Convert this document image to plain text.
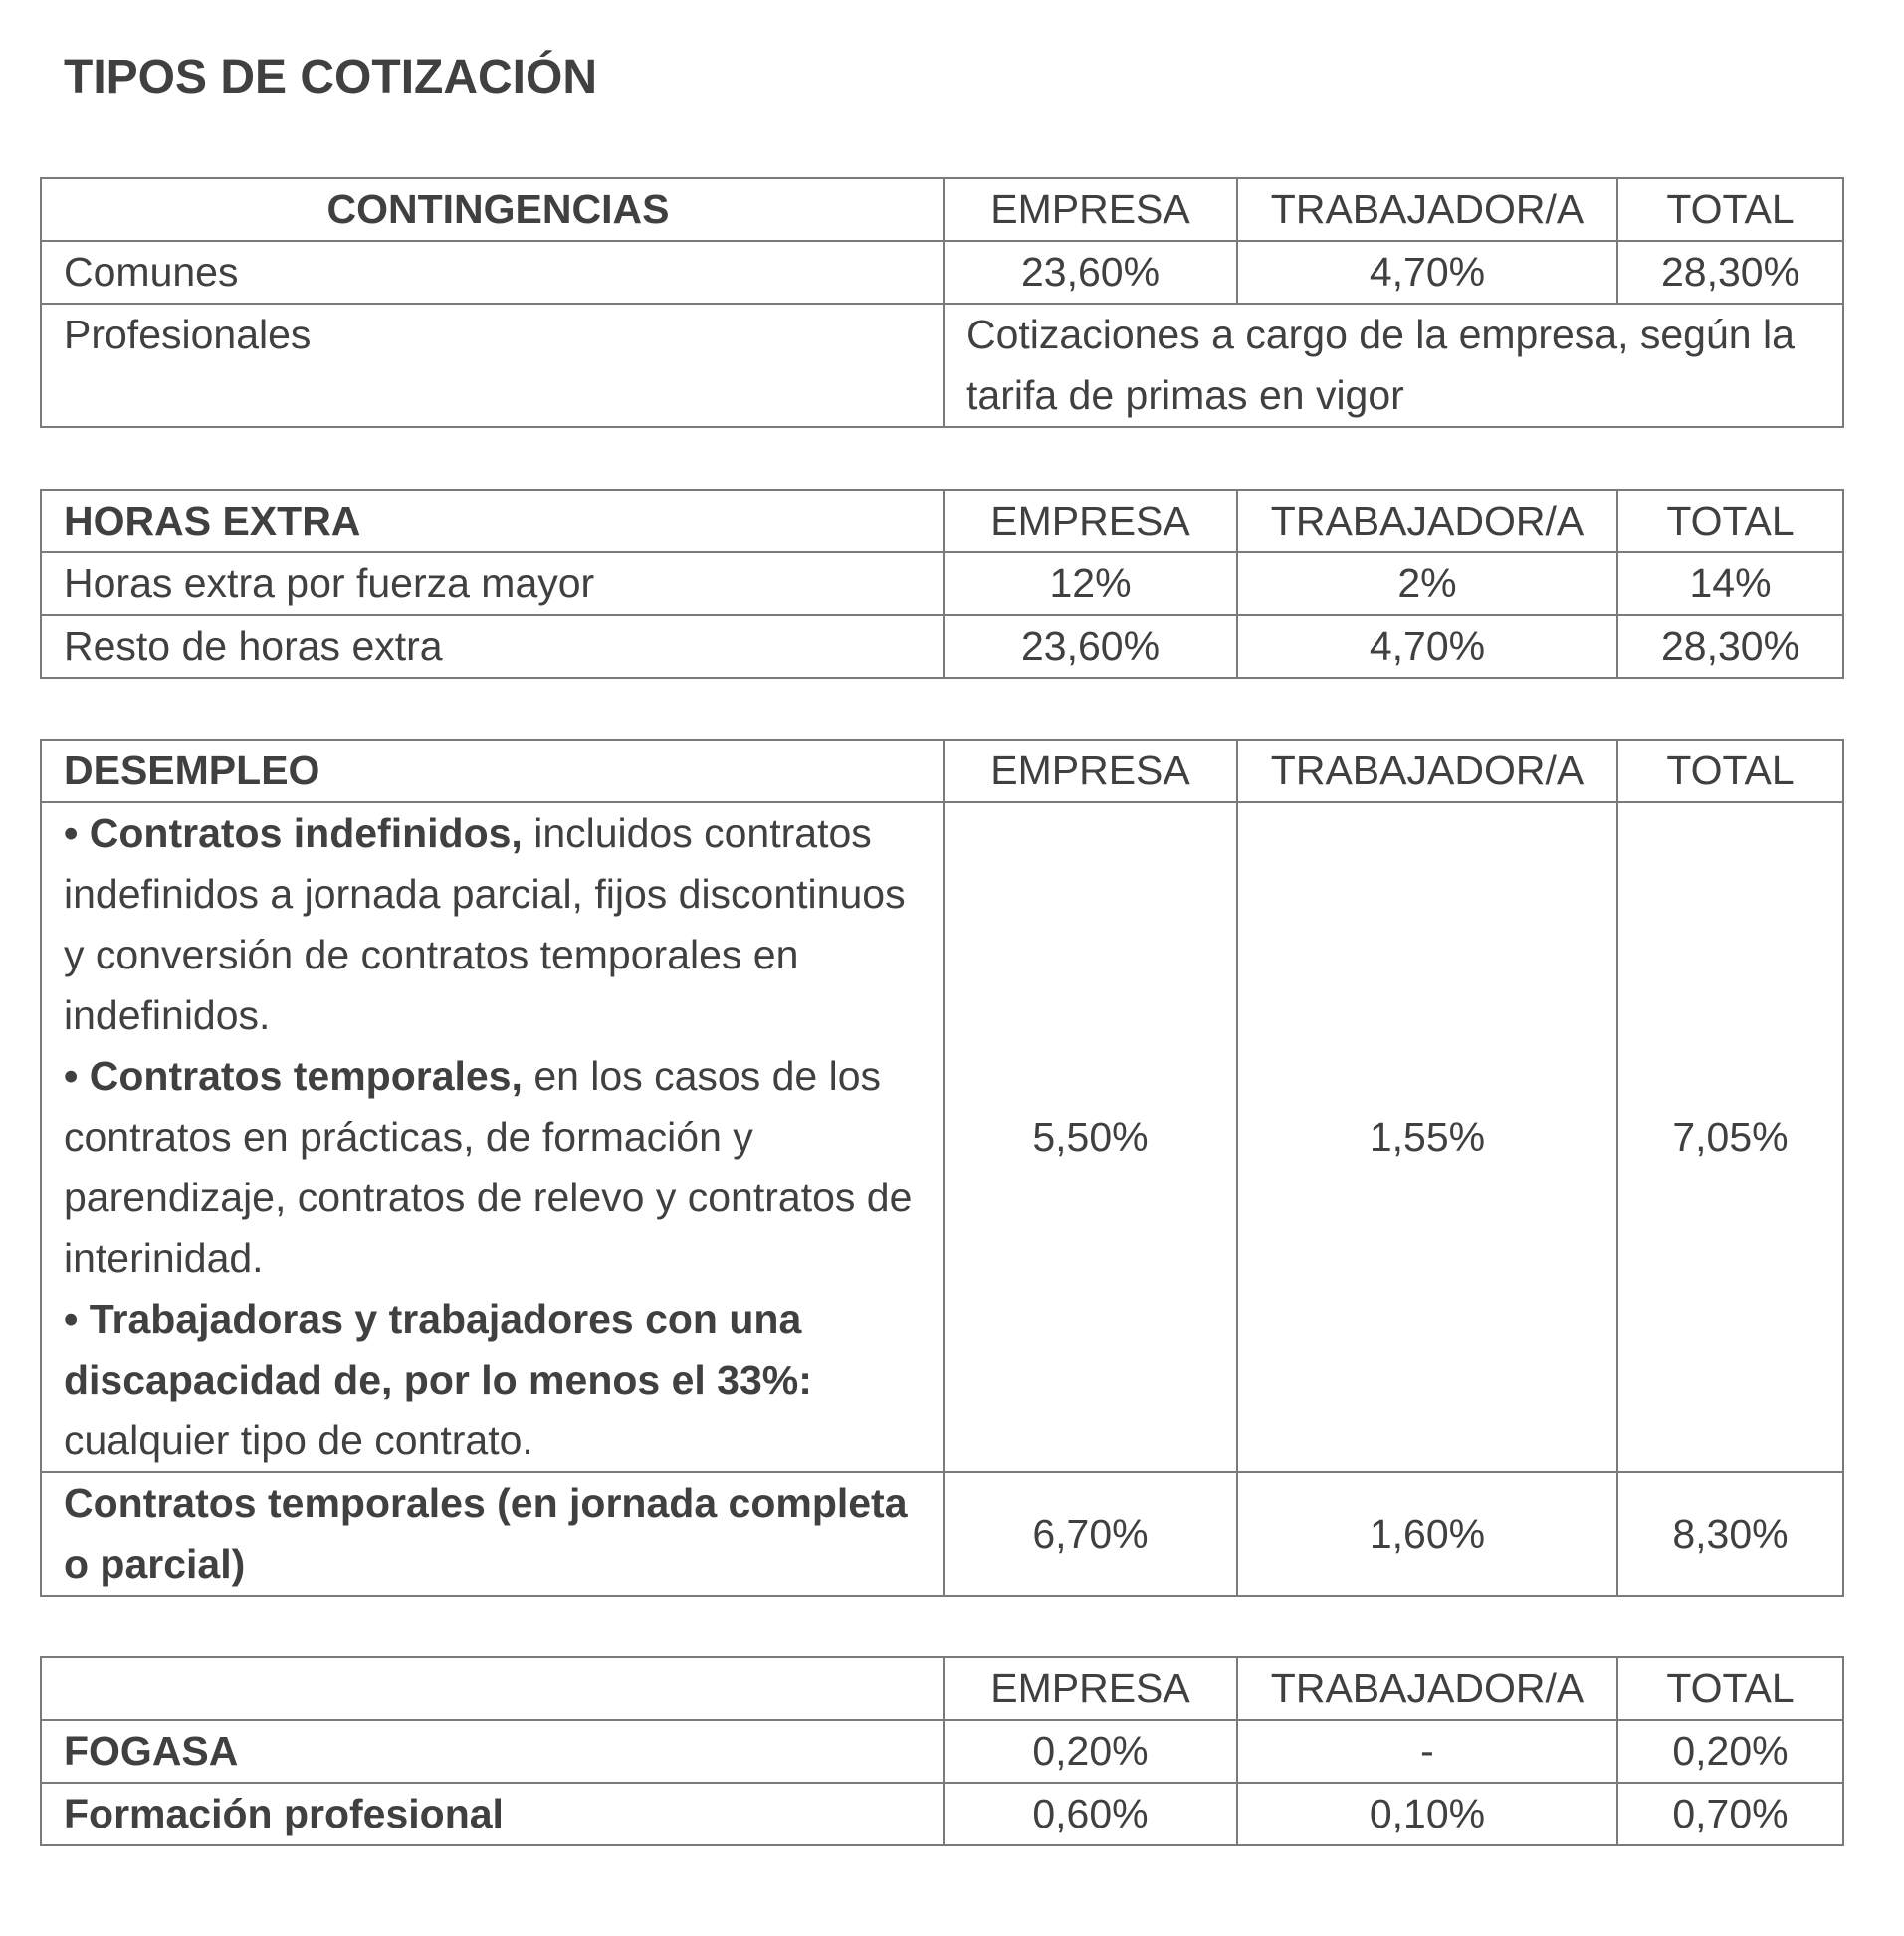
TIPOS DE COTIZACIÓN
CONTINGENCIAS	EMPRESA	TRABAJADOR/A	TOTAL
Comunes	23,60%	4,70%	28,30%
Profesionales	Cotizaciones a cargo de la empresa, según la tarifa de primas en vigor		
HORAS EXTRA	EMPRESA	TRABAJADOR/A	TOTAL
Horas extra por fuerza mayor	12%	2%	14%
Resto de horas extra	23,60%	4,70%	28,30%
DESEMPLEO	EMPRESA	TRABAJADOR/A	TOTAL

• Contratos indefinidos, incluidos contratos indefinidos a jornada parcial, fijos discontinuos y conversión de contratos temporales en indefinidos.
• Contratos temporales, en los casos de los contratos en prácticas, de formación y parendizaje, contratos de relevo y contratos de interinidad.
• Trabajadoras y trabajadores con una discapacidad de, por lo menos el 33%: cualquier tipo de contrato.	5,50%	1,55%	7,05%
Contratos temporales (en jornada completa o parcial)	6,70%	1,60%	8,30%
	EMPRESA	TRABAJADOR/A	TOTAL
FOGASA	0,20%	-	0,20%
Formación profesional	0,60%	0,10%	0,70%
